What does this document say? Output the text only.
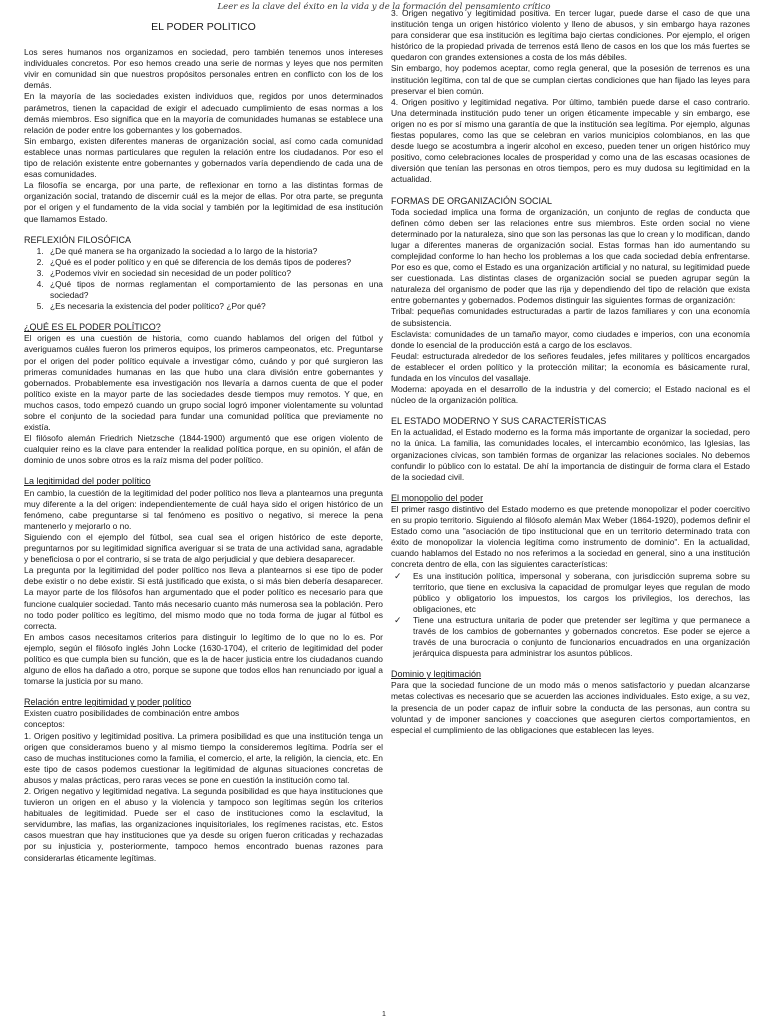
Leer es la clave del éxito en la vida y de la formación del pensamiento crítico
EL PODER POLÍTICO

Los seres humanos nos organizamos en sociedad, pero también tenemos unos intereses individuales concretos. Por eso hemos creado una serie de normas y leyes que nos permiten vivir en comunidad sin que nuestros propósitos personales entren en conflicto con los de los demás.

En la mayoría de las sociedades existen individuos que, regidos por unos determinados parámetros, tienen la capacidad de exigir el adecuado cumplimiento de esas normas a los demás miembros. Eso significa que en la mayoría de comunidades humanas se establece una relación de poder entre los gobernantes y los gobernados.

Sin embargo, existen diferentes maneras de organización social, así como cada comunidad establece unas normas particulares que regulen la relación entre los ciudadanos. Por eso el tipo de relación existente entre gobernantes y gobernados varía dependiendo de cada una de esas comunidades.

La filosofía se encarga, por una parte, de reflexionar en torno a las distintas formas de organización social, tratando de discernir cuál es la mejor de ellas. Por otra parte, se pregunta por el origen y el fundamento de la vida social y también por la legitimidad de esa institución que llamamos Estado.

REFLEXIÓN FILOSÓFICA
1. ¿De qué manera se ha organizado la sociedad a lo largo de la historia?
2. ¿Qué es el poder político y en qué se diferencia de los demás tipos de poderes?
3. ¿Podemos vivir en sociedad sin necesidad de un poder político?
4. ¿Qué tipos de normas reglamentan el comportamiento de las personas en una sociedad?
5. ¿Es necesaria la existencia del poder político? ¿Por qué?
¿QUÉ ES EL PODER POLÍTICO?

El origen es una cuestión de historia, como cuando hablamos del origen del fútbol y averiguamos cuáles fueron los primeros equipos, los primeros campeonatos, etc. Preguntarse por el origen del poder político equivale a investigar cómo, cuándo y por qué surgieron las primeras comunidades humanas en las que hubo una clara división entre gobernantes y gobernados. Probablemente esa investigación nos llevaría a darnos cuenta de que el poder político existe en la mayor parte de las sociedades desde tiempos muy remotos. Y que, en muchos casos, todo empezó cuando un grupo social logró imponer violentamente su voluntad sobre el conjunto de la sociedad para fundar una comunidad política que previamente no existía.

El filósofo alemán Friedrich Nietzsche (1844-1900) argumentó que ese origen violento de cualquier reino es la clave para entender la realidad política porque, en su opinión, el afán de dominio de unos sobre otros es la raíz misma del poder político.

La legitimidad del poder político

En cambio, la cuestión de la legitimidad del poder político nos lleva a plantearnos una pregunta muy diferente a la del origen: independientemente de cuál haya sido el origen histórico de un fenómeno, cabe preguntarse si tal fenómeno es positivo o negativo, si merece la pena mantenerlo y mejorarlo o no.

Siguiendo con el ejemplo del fútbol, sea cual sea el origen histórico de este deporte, preguntarnos por su legitimidad significa averiguar si se trata de una actividad sana, agradable y beneficiosa o por el contrario, si se trata de algo perjudicial y que debiera desaparecer.

La pregunta por la legitimidad del poder político nos lleva a plantearnos si ese tipo de poder debe existir o no debe existir. Si está justificado que exista, o si más bien debería desaparecer. La mayor parte de los filósofos han argumentado que el poder político es necesario para que funcione cualquier sociedad. Tanto más necesario cuanto más numerosa sea la población. Pero no todo poder político es legítimo, del mismo modo que no toda forma de jugar al fútbol es correcta.

En ambos casos necesitamos criterios para distinguir lo legítimo de lo que no lo es. Por ejemplo, según el filósofo inglés John Locke (1630-1704), el criterio de legitimidad del poder político es que cumpla bien su función, que es la de hacer justicia entre los ciudadanos cuando alguno de ellos ha dañado a otro, porque se supone que todos ellos han renunciado por igual a tomarse la justicia por su mano.

Relación entre legitimidad y poder político

Existen cuatro posibilidades de combinación entre ambos

conceptos:

1. Origen positivo y legitimidad positiva. La primera posibilidad es que una institución tenga un origen que consideramos bueno y al mismo tiempo la consideremos legítima. Podría ser el caso de muchas instituciones como la familia, el comercio, el arte, la religión, la ciencia, etc. En este tipo de casos podemos cuestionar la legitimidad de algunas situaciones concretas de abusos y malas prácticas, pero raras veces se pone en cuestión la institución como tal.

2. Origen negativo y legitimidad negativa. La segunda posibilidad es que haya instituciones que tuvieron un origen en el abuso y la violencia y tampoco son legítimas según los criterios habituales de legitimidad. Puede ser el caso de instituciones como la esclavitud, la servidumbre, las mafias, las organizaciones inquisitoriales, los regímenes racistas, etc. Estos casos muestran que hay instituciones que ya desde su origen fueron criticadas y rechazadas por su injusticia y, posteriormente, tampoco hemos encontrado buenas razones para considerarlas éticamente legítimas.

3. Origen negativo y legitimidad positiva. En tercer lugar, puede darse el caso de que una institución tenga un origen histórico violento y lleno de abusos, y sin embargo haya razones para considerar que esa institución es legítima bajo ciertas condiciones. Por ejemplo, el origen histórico de la propiedad privada de terrenos está lleno de casos en los que los más fuertes se quedaron con grandes extensiones a costa de los más débiles.

Sin embargo, hoy podemos aceptar, como regla general, que la posesión de terrenos es una institución legítima, con tal de que se cumplan ciertas condiciones que han fijado las leyes para preservar el bien común.

4. Origen positivo y legitimidad negativa. Por último, también puede darse el caso contrario. Una determinada institución pudo tener un origen éticamente impecable y sin embargo, ese origen no es por sí mismo una garantía de que la institución sea legítima. Por ejemplo, algunas fiestas populares, como las que se celebran en varios municipios colombianos, en las que desde luego se acostumbra a ingerir alcohol en exceso, pueden tener un origen histórico muy positivo, como celebraciones locales de prosperidad y como una de las escasas ocasiones de diversión que tenían las personas en otros tiempos, pero es muy dudosa su legitimidad en la actualidad.

FORMAS DE ORGANIZACIÓN SOCIAL

Toda sociedad implica una forma de organización, un conjunto de reglas de conducta que definen cómo deben ser las relaciones entre sus miembros. Este orden social no viene determinado por la naturaleza, sino que son las personas las que lo crean y lo modifican, dando lugar a diferentes maneras de organización social. Estas formas han ido aumentando su complejidad conforme lo han hecho los problemas a los que cada sociedad debía enfrentarse. Por eso es que, como el Estado es una organización artificial y no natural, su legitimidad puede ser cuestionada. Las distintas clases de organización social se pueden agrupar según la naturaleza del organismo de poder que las rija y dependiendo del tipo de relación que exista entre gobernantes y gobernados. Podemos distinguir las siguientes formas de organización:

Tribal: pequeñas comunidades estructuradas a partir de lazos familiares y con una economía de subsistencia.

Esclavista: comunidades de un tamaño mayor, como ciudades e imperios, con una economía donde lo esencial de la producción está a cargo de los esclavos.

Feudal: estructurada alrededor de los señores feudales, jefes militares y políticos encargados de establecer el orden político y la protección militar; la economía es básicamente rural, fundada en los vínculos del vasallaje.

Moderna: apoyada en el desarrollo de la industria y del comercio; el Estado nacional es el núcleo de la organización política.

EL ESTADO MODERNO Y SUS CARACTERÍSTICAS

En la actualidad, el Estado moderno es la forma más importante de organizar la sociedad, pero no la única. La familia, las comunidades locales, el intercambio económico, las Iglesias, las organizaciones cívicas, son también formas de organizar las relaciones sociales. No debemos confundir lo público con lo estatal. De ahí la importancia de distinguir de forma clara el Estado de la sociedad civil.

El monopolio del poder

El primer rasgo distintivo del Estado moderno es que pretende monopolizar el poder coercitivo en su propio territorio. Siguiendo al filósofo alemán Max Weber (1864-1920), podemos definir el Estado como una "asociación de tipo institucional que en un territorio determinado trata con éxito de monopolizar la violencia legítima como instrumento de dominio". En la actualidad, cuando hablamos del Estado no nos referimos a la sociedad en general, sino a una institución concreta dentro de ella, con las siguientes características:

✓ Es una institución política, impersonal y soberana, con jurisdicción suprema sobre su territorio, que tiene en exclusiva la capacidad de promulgar leyes que regulan de modo público y obligatorio los impuestos, los cargos los privilegios, los derechos, las obligaciones, etc
✓ Tiene una estructura unitaria de poder que pretender ser legítima y que permanece a través de los cambios de gobernantes y gobernados concretos. Ese poder se ejerce a través de una burocracia o conjunto de funcionarios encuadrados en una organización jerárquica dispuesta para administrar los asuntos públicos.
Dominio y legitimación

Para que la sociedad funcione de un modo más o menos satisfactorio y puedan alcanzarse metas colectivas es necesario que se acuerden las acciones individuales. Esto exige, a su vez, la presencia de un poder capaz de influir sobre la conducta de las personas, aun contra su voluntad y de imponer sanciones y coacciones que aseguren ciertos comportamientos, en especial el cumplimiento de las obligaciones que establecen las leyes.

1
